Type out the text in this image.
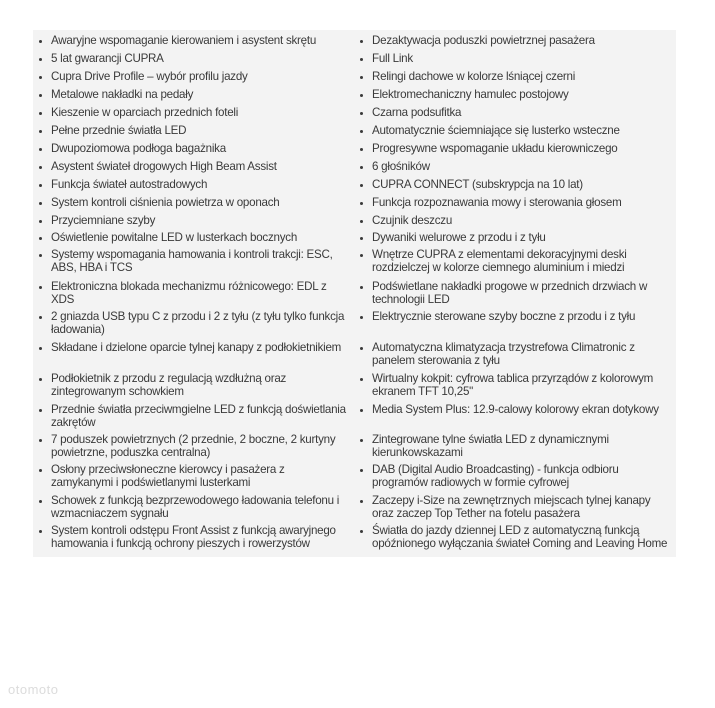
Awaryjne wspomaganie kierowaniem i asystent skrętu
5 lat gwarancji CUPRA
Cupra Drive Profile – wybór profilu jazdy
Metalowe nakładki na pedały
Kieszenie w oparciach przednich foteli
Pełne przednie światła LED
Dwupoziomowa podłoga bagażnika
Asystent świateł drogowych High Beam Assist
Funkcja świateł autostradowych
System kontroli ciśnienia powietrza w oponach
Przyciemniane szyby
Oświetlenie powitalne LED w lusterkach bocznych
Systemy wspomagania hamowania i kontroli trakcji: ESC, ABS, HBA i TCS
Elektroniczna blokada mechanizmu różnicowego: EDL z XDS
2 gniazda USB typu C z przodu i 2 z tyłu (z tyłu tylko funkcja ładowania)
Składane i dzielone oparcie tylnej kanapy z podłokietnikiem
Podłokietnik z przodu z regulacją wzdłużną oraz zintegrowanym schowkiem
Przednie światła przeciwmgielne LED z funkcją doświetlania zakrętów
7 poduszek powietrznych (2 przednie, 2 boczne, 2 kurtyny powietrzne, poduszka centralna)
Osłony przeciwsłoneczne kierowcy i pasażera z zamykanymi i podświetlanymi lusterkami
Schowek z funkcją bezprzewodowego ładowania telefonu i wzmacniaczem sygnału
System kontroli odstępu Front Assist z funkcją awaryjnego hamowania i funkcją ochrony pieszych i rowerzystów
Dezaktywacja poduszki powietrznej pasażera
Full Link
Relingi dachowe w kolorze lśniącej czerni
Elektromechaniczny hamulec postojowy
Czarna podsufitka
Automatycznie ściemniające się lusterko wsteczne
Progresywne wspomaganie układu kierowniczego
6 głośników
CUPRA CONNECT (subskrypcja na 10 lat)
Funkcja rozpoznawania mowy i sterowania głosem
Czujnik deszczu
Dywaniki welurowe z przodu i z tyłu
Wnętrze CUPRA z elementami dekoracyjnymi deski rozdzielczej w kolorze ciemnego aluminium i miedzi
Podświetlane nakładki progowe w przednich drzwiach w technologii LED
Elektrycznie sterowane szyby boczne z przodu i z tyłu
Automatyczna klimatyzacja trzystrefowa Climatronic z panelem sterowania z tyłu
Wirtualny kokpit: cyfrowa tablica przyrządów z kolorowym ekranem TFT 10,25"
Media System Plus: 12.9-calowy kolorowy ekran dotykowy
Zintegrowane tylne światła LED z dynamicznymi kierunkowskazami
DAB (Digital Audio Broadcasting) - funkcja odbioru programów radiowych w formie cyfrowej
Zaczepy i-Size na zewnętrznych miejscach tylnej kanapy oraz zaczep Top Tether na fotelu pasażera
Światła do jazdy dziennej LED z automatyczną funkcją opóźnionego wyłączania świateł Coming and Leaving Home
otomoto
